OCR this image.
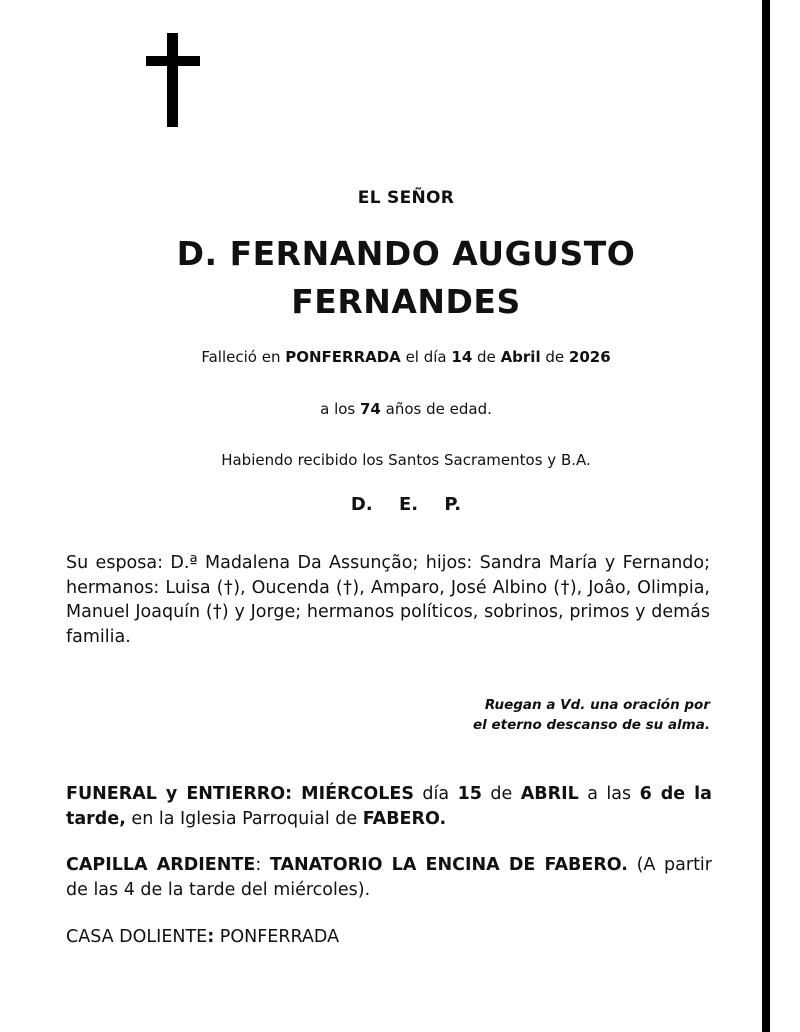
EL SEÑOR
D. FERNANDO AUGUSTO
FERNANDES
Falleció en PONFERRADA el día 14 de Abril de 2026
a los 74 años de edad.
Habiendo recibido los Santos Sacramentos y B.A.
D. E. P.
Su esposa: D.ª Madalena Da Assunção; hijos: Sandra María y Fernando; hermanos: Luisa (†), Oucenda (†), Amparo, José Albino (†), Joâo, Olimpia, Manuel Joaquín (†) y Jorge; hermanos políticos, sobrinos, primos y demás familia.
Ruegan a Vd. una oración por
el eterno descanso de su alma.
FUNERAL y ENTIERRO: MIÉRCOLES día 15 de ABRIL a las 6 de la tarde, en la Iglesia Parroquial de FABERO.
CAPILLA ARDIENTE: TANATORIO LA ENCINA DE FABERO. (A partir de las 4 de la tarde del miércoles).
CASA DOLIENTE: PONFERRADA
